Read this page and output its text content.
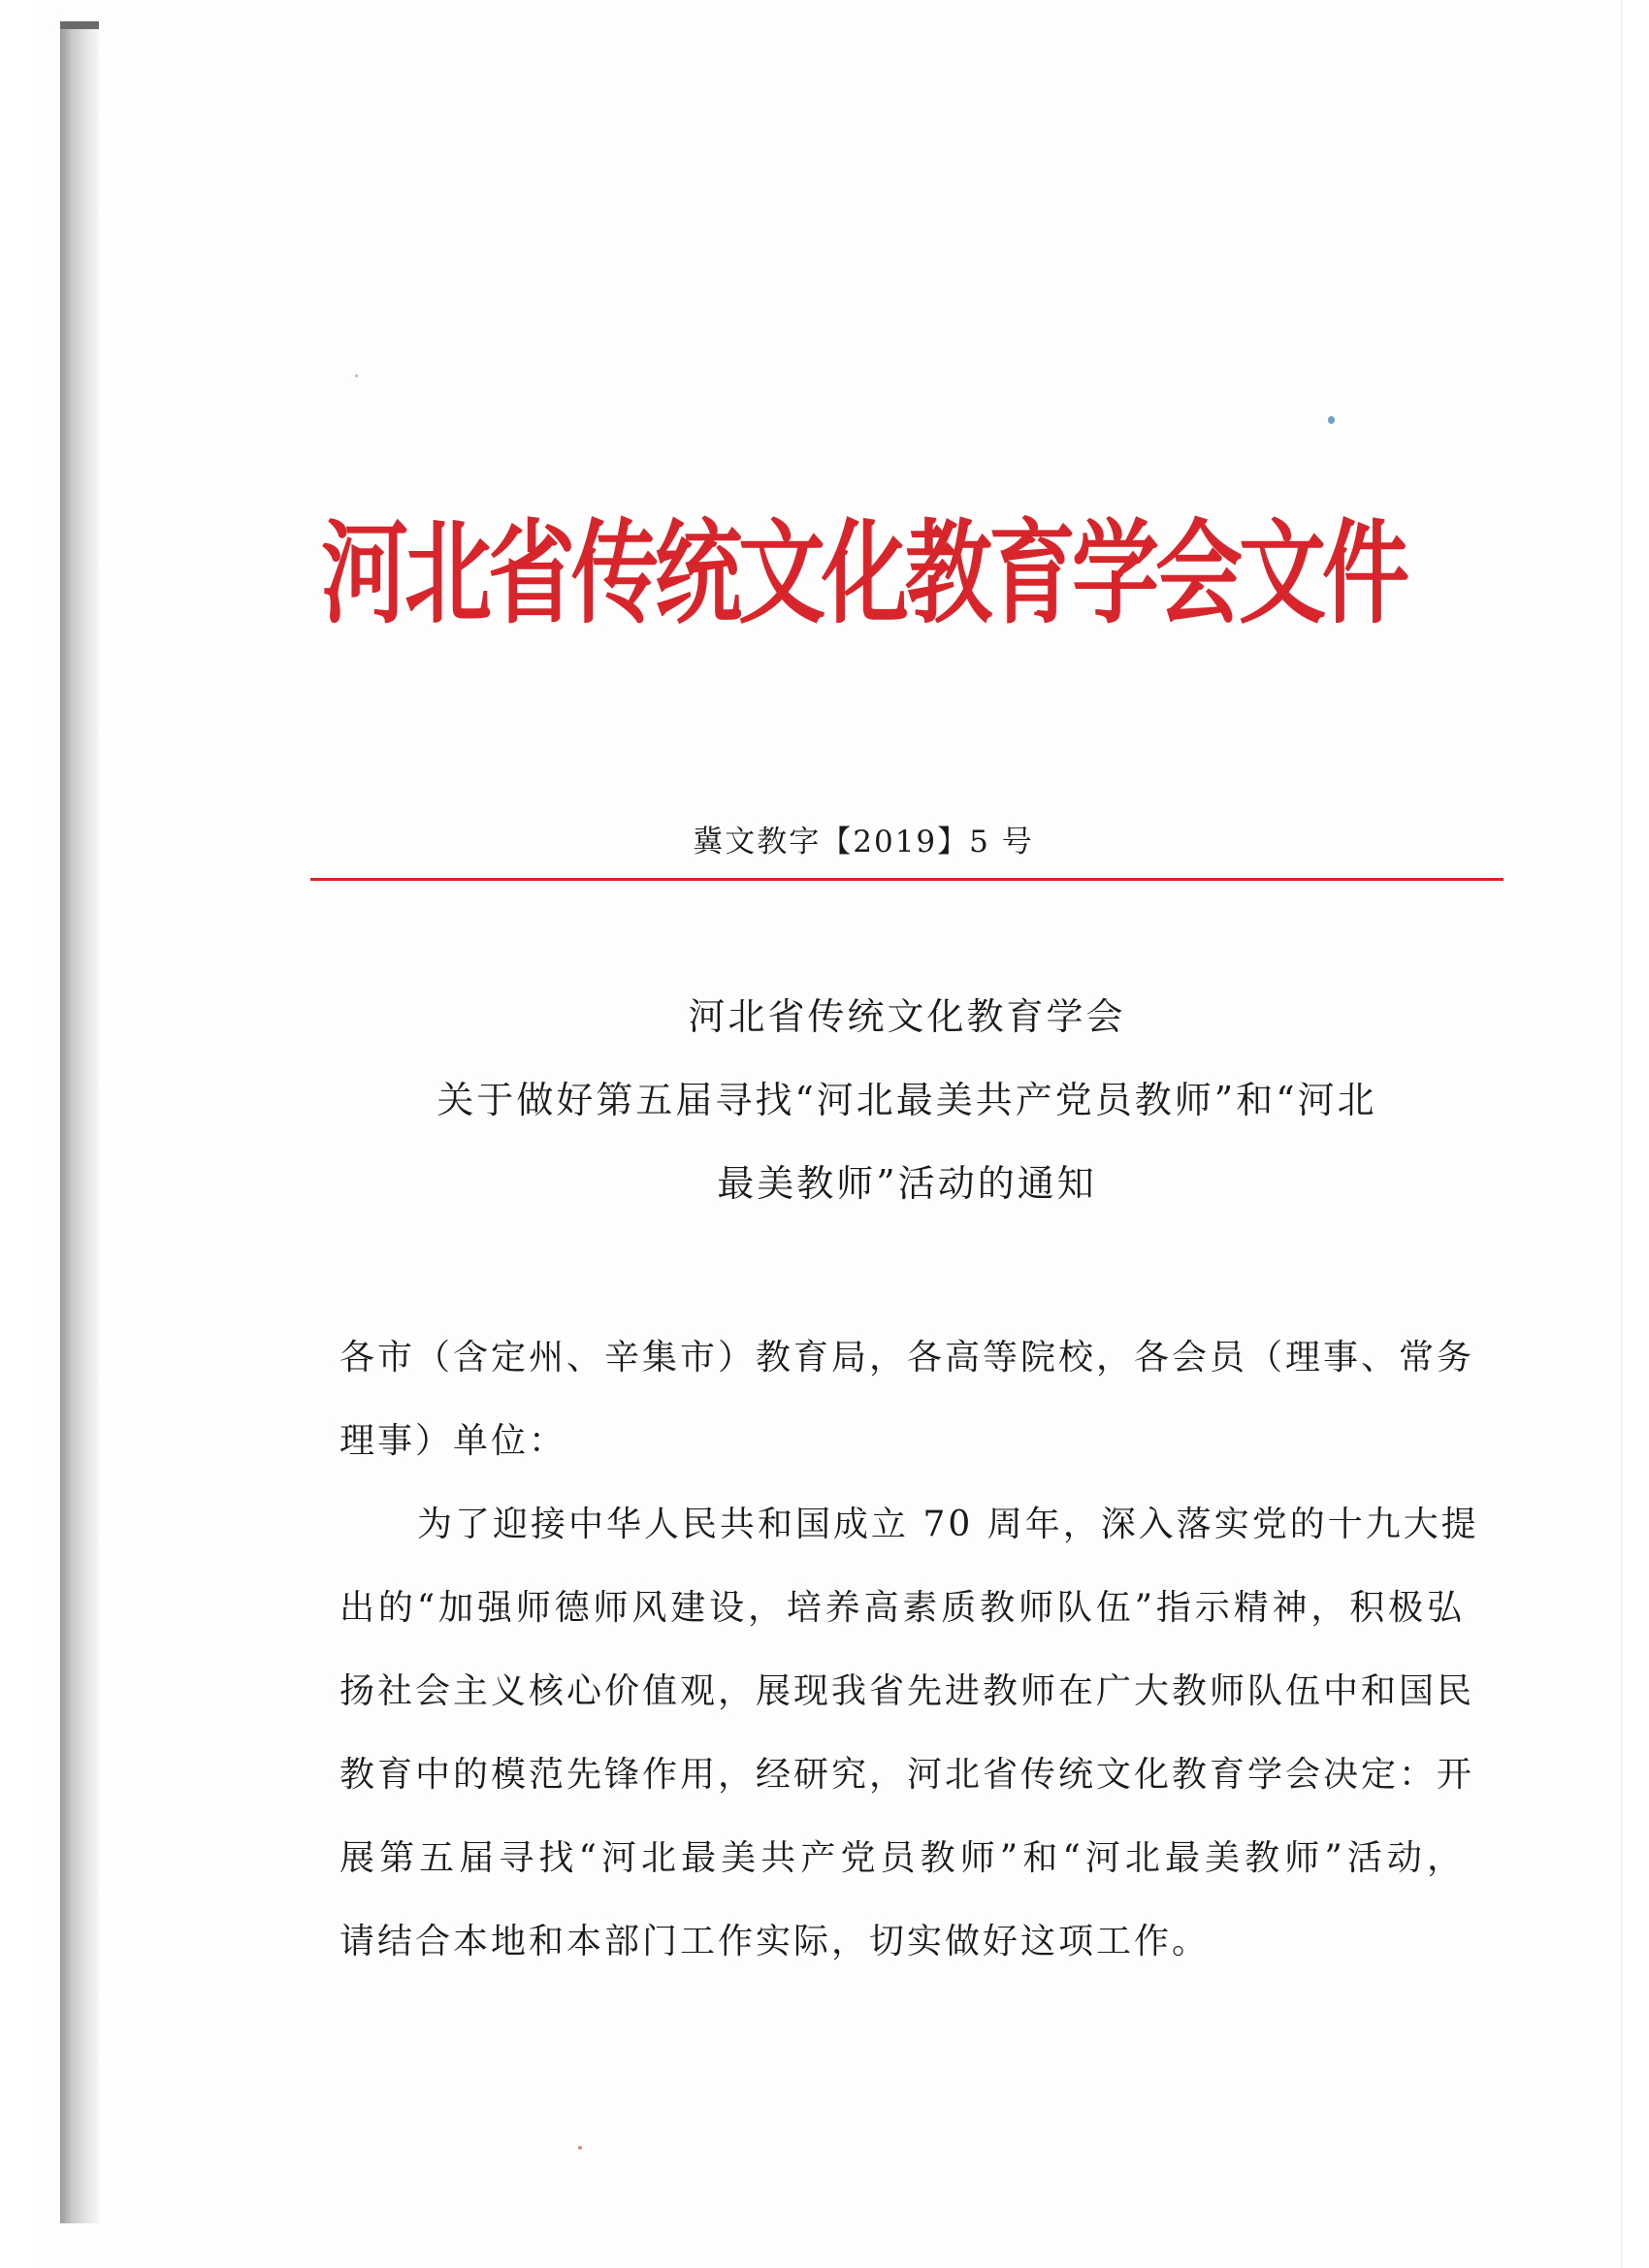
河北省传统文化教育学会文件
冀文教字【2019】5 号
河北省传统文化教育学会
关于做好第五届寻找“河北最美共产党员教师”和“河北
最美教师”活动的通知
各市（含定州、辛集市）教育局，各高等院校，各会员（理事、常务
理事）单位：
为了迎接中华人民共和国成立 70 周年，深入落实党的十九大提
出的“加强师德师风建设，培养高素质教师队伍”指示精神，积极弘
扬社会主义核心价值观，展现我省先进教师在广大教师队伍中和国民
教育中的模范先锋作用，经研究，河北省传统文化教育学会决定：开
展第五届寻找“河北最美共产党员教师”和“河北最美教师”活动，
请结合本地和本部门工作实际，切实做好这项工作。
